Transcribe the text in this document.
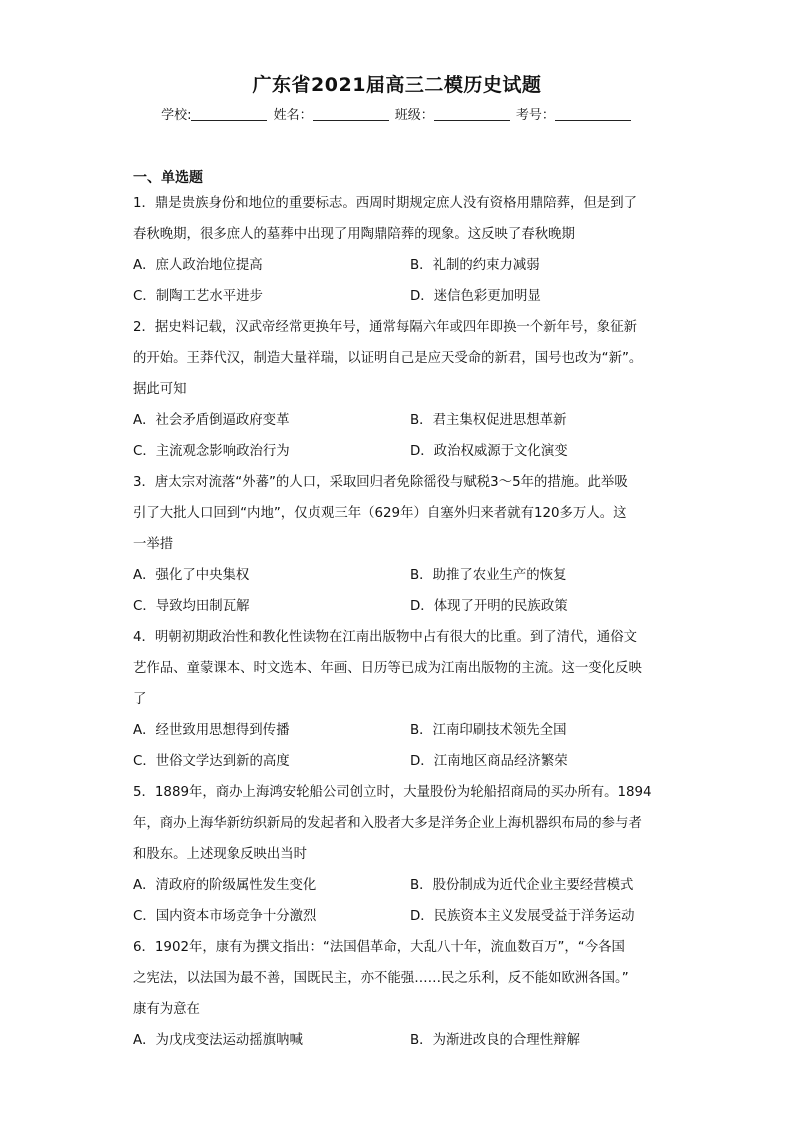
广东省2021届高三二模历史试题
学校:	姓名：	班级：	考号：
一、单选题
1．鼎是贵族身份和地位的重要标志。西周时期规定庶人没有资格用鼎陪葬，但是到了
春秋晚期，很多庶人的墓葬中出现了用陶鼎陪葬的现象。这反映了春秋晚期
A．庶人政治地位提高	B．礼制的约束力减弱
C．制陶工艺水平进步	D．迷信色彩更加明显
2．据史料记载，汉武帝经常更换年号，通常每隔六年或四年即换一个新年号，象征新
的开始。王莽代汉，制造大量祥瑞，以证明自己是应天受命的新君，国号也改为“新”。
据此可知
A．社会矛盾倒逼政府变革	B．君主集权促进思想革新
C．主流观念影响政治行为	D．政治权威源于文化演变
3．唐太宗对流落“外蕃”的人口，采取回归者免除徭役与赋税3～5年的措施。此举吸
引了大批人口回到“内地”，仅贞观三年（629年）自塞外归来者就有120多万人。这
一举措
A．强化了中央集权	B．助推了农业生产的恢复
C．导致均田制瓦解	D．体现了开明的民族政策
4．明朝初期政治性和教化性读物在江南出版物中占有很大的比重。到了清代，通俗文
艺作品、童蒙课本、时文选本、年画、日历等已成为江南出版物的主流。这一变化反映
了
A．经世致用思想得到传播	B．江南印刷技术领先全国
C．世俗文学达到新的高度	D．江南地区商品经济繁荣
5．1889年，商办上海鸿安轮船公司创立时，大量股份为轮船招商局的买办所有。1894
年，商办上海华新纺织新局的发起者和入股者大多是洋务企业上海机器织布局的参与者
和股东。上述现象反映出当时
A．清政府的阶级属性发生变化	B．股份制成为近代企业主要经营模式
C．国内资本市场竞争十分激烈	D．民族资本主义发展受益于洋务运动
6．1902年，康有为撰文指出：“法国倡革命，大乱八十年，流血数百万”，“今各国
之宪法，以法国为最不善，国既民主，亦不能强……民之乐利，反不能如欧洲各国。”
康有为意在
A．为戊戌变法运动摇旗呐喊	B．为渐进改良的合理性辩解
